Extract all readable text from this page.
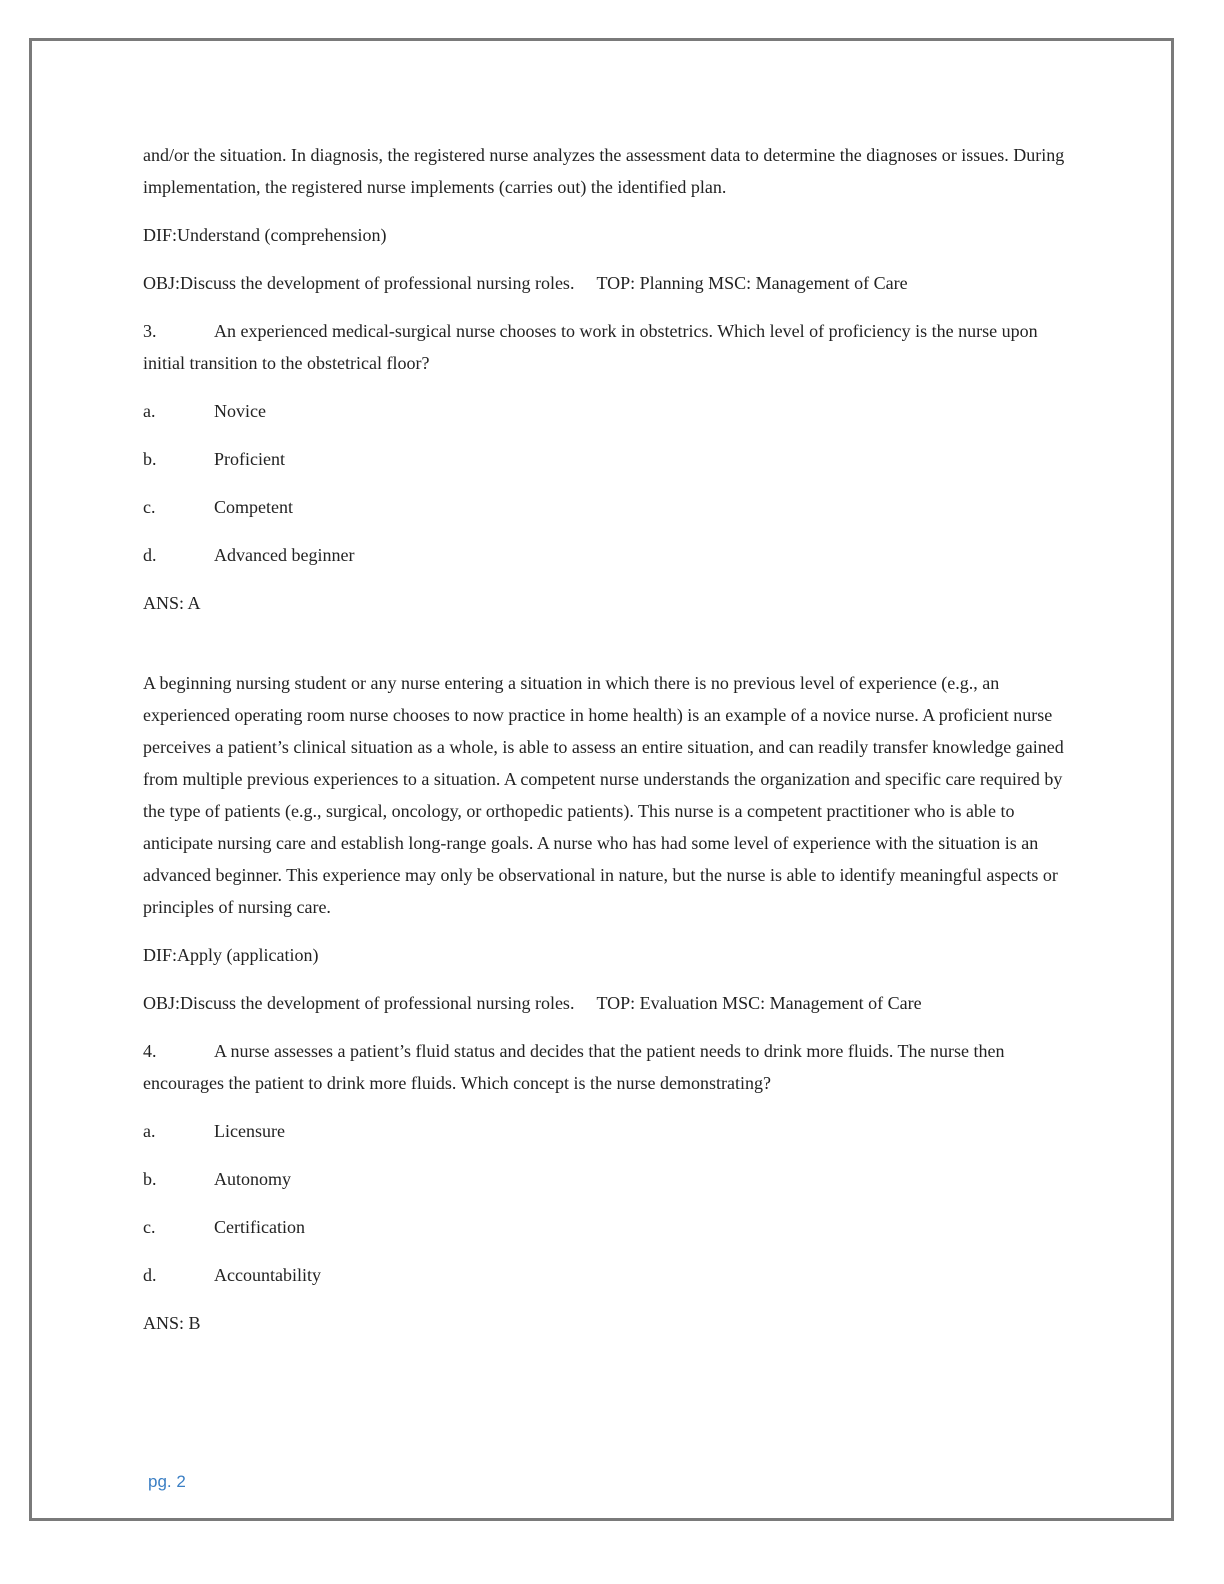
and/or the situation. In diagnosis, the registered nurse analyzes the assessment data to determine the diagnoses or issues. During implementation, the registered nurse implements (carries out) the identified plan.

DIF:Understand (comprehension)

OBJ:Discuss the development of professional nursing roles. TOP: Planning MSC: Management of Care

3.	An experienced medical-surgical nurse chooses to work in obstetrics. Which level of proficiency is the nurse upon initial transition to the obstetrical floor?

a.	Novice
b.	Proficient
c.	Competent
d.	Advanced beginner

ANS: A

A beginning nursing student or any nurse entering a situation in which there is no previous level of experience (e.g., an experienced operating room nurse chooses to now practice in home health) is an example of a novice nurse. A proficient nurse perceives a patient’s clinical situation as a whole, is able to assess an entire situation, and can readily transfer knowledge gained from multiple previous experiences to a situation. A competent nurse understands the organization and specific care required by the type of patients (e.g., surgical, oncology, or orthopedic patients). This nurse is a competent practitioner who is able to anticipate nursing care and establish long-range goals. A nurse who has had some level of experience with the situation is an advanced beginner. This experience may only be observational in nature, but the nurse is able to identify meaningful aspects or principles of nursing care.

DIF:Apply (application)

OBJ:Discuss the development of professional nursing roles. TOP: Evaluation MSC: Management of Care

4.	A nurse assesses a patient’s fluid status and decides that the patient needs to drink more fluids. The nurse then encourages the patient to drink more fluids. Which concept is the nurse demonstrating?

a.	Licensure
b.	Autonomy
c.	Certification
d.	Accountability

ANS: B

pg. 2
